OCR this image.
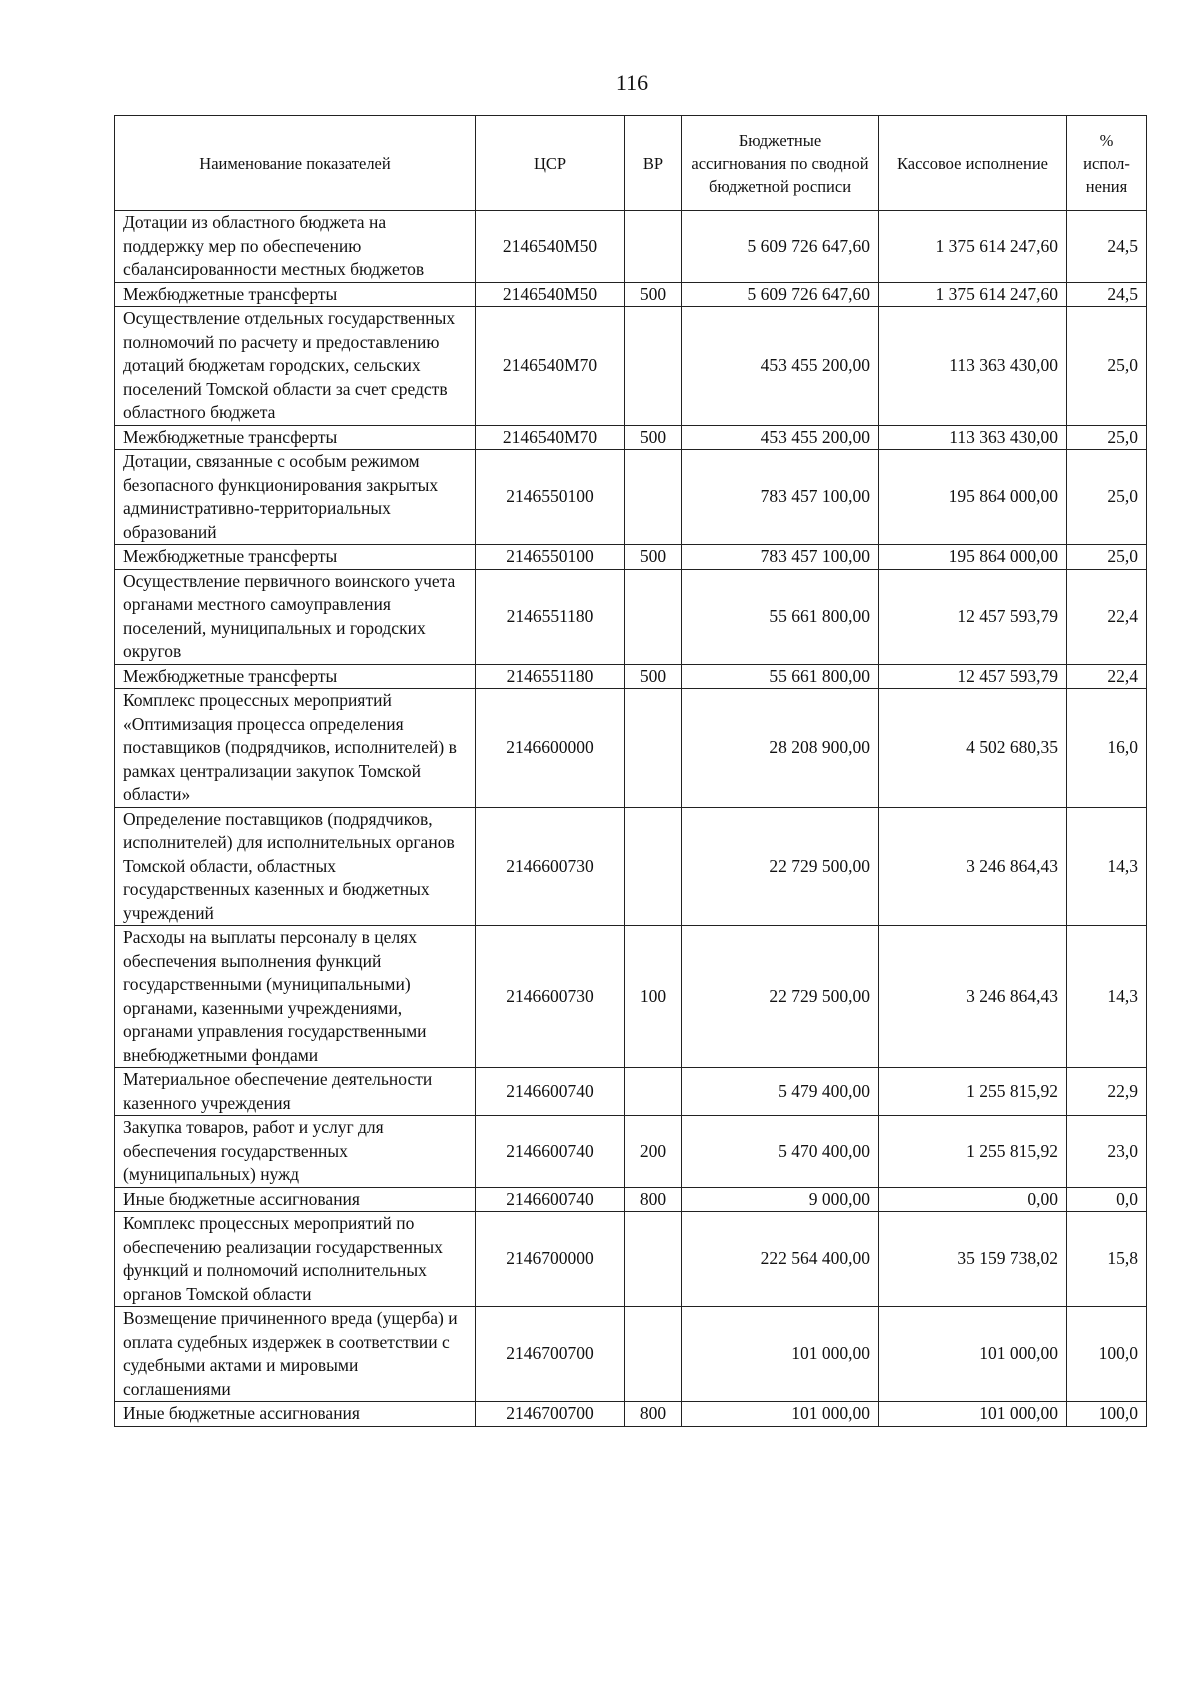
116
Наименование показателей	ЦСР	ВР	Бюджетные ассигнования по сводной бюджетной росписи	Кассовое исполнение	% испол-нения
Дотации из областного бюджета на поддержку мер по обеспечению сбалансированности местных бюджетов	2146540M50		5 609 726 647,60	1 375 614 247,60	24,5
Межбюджетные трансферты	2146540M50	500	5 609 726 647,60	1 375 614 247,60	24,5
Осуществление отдельных государственных полномочий по расчету и предоставлению дотаций бюджетам городских, сельских поселений Томской области за счет средств областного бюджета	2146540M70		453 455 200,00	113 363 430,00	25,0
Межбюджетные трансферты	2146540M70	500	453 455 200,00	113 363 430,00	25,0
Дотации, связанные с особым режимом безопасного функционирования закрытых административно-территориальных образований	2146550100		783 457 100,00	195 864 000,00	25,0
Межбюджетные трансферты	2146550100	500	783 457 100,00	195 864 000,00	25,0
Осуществление первичного воинского учета органами местного самоуправления поселений, муниципальных и городских округов	2146551180		55 661 800,00	12 457 593,79	22,4
Межбюджетные трансферты	2146551180	500	55 661 800,00	12 457 593,79	22,4
Комплекс процессных мероприятий «Оптимизация процесса определения поставщиков (подрядчиков, исполнителей) в рамках централизации закупок Томской области»	2146600000		28 208 900,00	4 502 680,35	16,0
Определение поставщиков (подрядчиков, исполнителей) для исполнительных органов Томской области, областных государственных казенных и бюджетных учреждений	2146600730		22 729 500,00	3 246 864,43	14,3
Расходы на выплаты персоналу в целях обеспечения выполнения функций государственными (муниципальными) органами, казенными учреждениями, органами управления государственными внебюджетными фондами	2146600730	100	22 729 500,00	3 246 864,43	14,3
Материальное обеспечение деятельности казенного учреждения	2146600740		5 479 400,00	1 255 815,92	22,9
Закупка товаров, работ и услуг для обеспечения государственных (муниципальных) нужд	2146600740	200	5 470 400,00	1 255 815,92	23,0
Иные бюджетные ассигнования	2146600740	800	9 000,00	0,00	0,0
Комплекс процессных мероприятий по обеспечению реализации государственных функций и полномочий исполнительных органов Томской области	2146700000		222 564 400,00	35 159 738,02	15,8
Возмещение причиненного вреда (ущерба) и оплата судебных издержек в соответствии с судебными актами и мировыми соглашениями	2146700700		101 000,00	101 000,00	100,0
Иные бюджетные ассигнования	2146700700	800	101 000,00	101 000,00	100,0
